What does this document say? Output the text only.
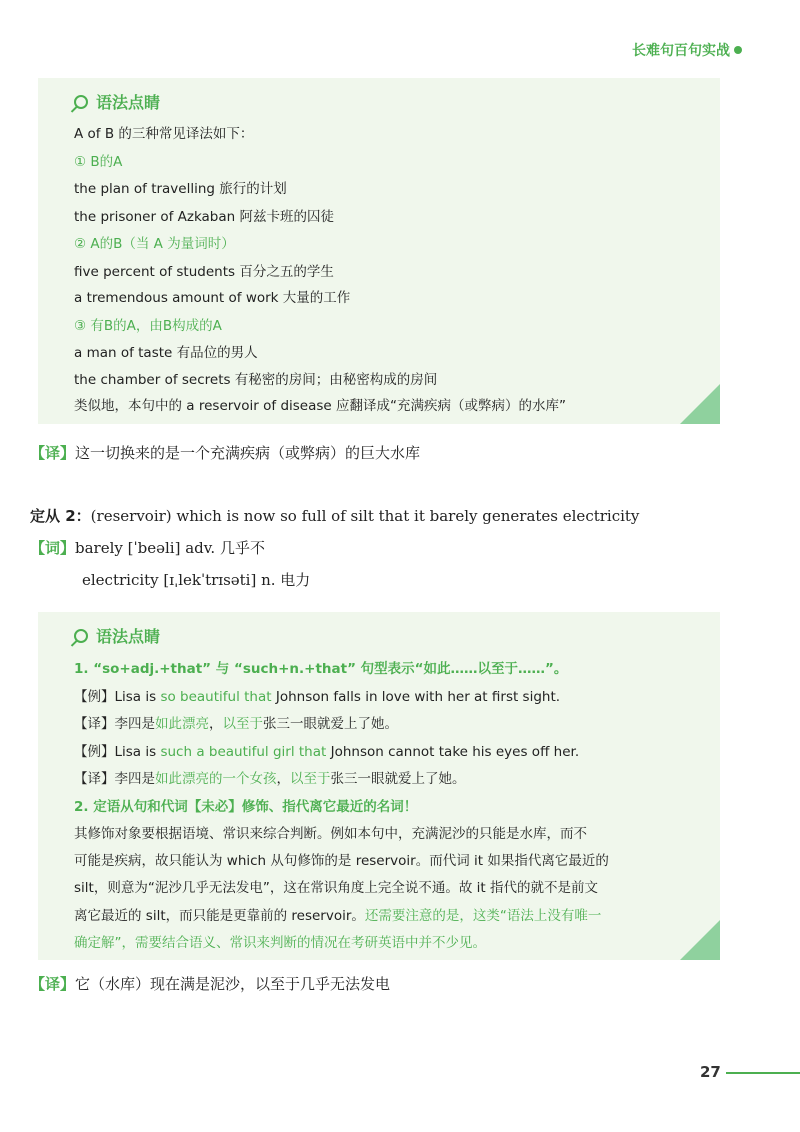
长难句百句实战
语法点睛
A of B 的三种常见译法如下：
① B的A
the plan of travelling 旅行的计划
the prisoner of Azkaban 阿兹卡班的囚徒
② A的B（当 A 为量词时）
five percent of students 百分之五的学生
a tremendous amount of work 大量的工作
③ 有B的A，由B构成的A
a man of taste 有品位的男人
the chamber of secrets 有秘密的房间；由秘密构成的房间
类似地，本句中的 a reservoir of disease 应翻译成“充满疾病（或弊病）的水库”
【译】这一切换来的是一个充满疾病（或弊病）的巨大水库
定从 2：(reservoir) which is now so full of silt that it barely generates electricity
【词】barely [ˈbeəli] adv. 几乎不
electricity [ɪˌlekˈtrɪsəti] n. 电力
语法点睛
1. “so+adj.+that” 与 “such+n.+that” 句型表示“如此……以至于……”。
【例】Lisa is so beautiful that Johnson falls in love with her at first sight.
【译】李四是如此漂亮，以至于张三一眼就爱上了她。
【例】Lisa is such a beautiful girl that Johnson cannot take his eyes off her.
【译】李四是如此漂亮的一个女孩，以至于张三一眼就爱上了她。
2. 定语从句和代词【未必】修饰、指代离它最近的名词！
其修饰对象要根据语境、常识来综合判断。例如本句中，充满泥沙的只能是水库，而不
可能是疾病，故只能认为 which 从句修饰的是 reservoir。而代词 it 如果指代离它最近的
silt，则意为“泥沙几乎无法发电”，这在常识角度上完全说不通。故 it 指代的就不是前文
离它最近的 silt，而只能是更靠前的 reservoir。还需要注意的是，这类“语法上没有唯一
确定解”，需要结合语义、常识来判断的情况在考研英语中并不少见。
【译】它（水库）现在满是泥沙，以至于几乎无法发电
27
